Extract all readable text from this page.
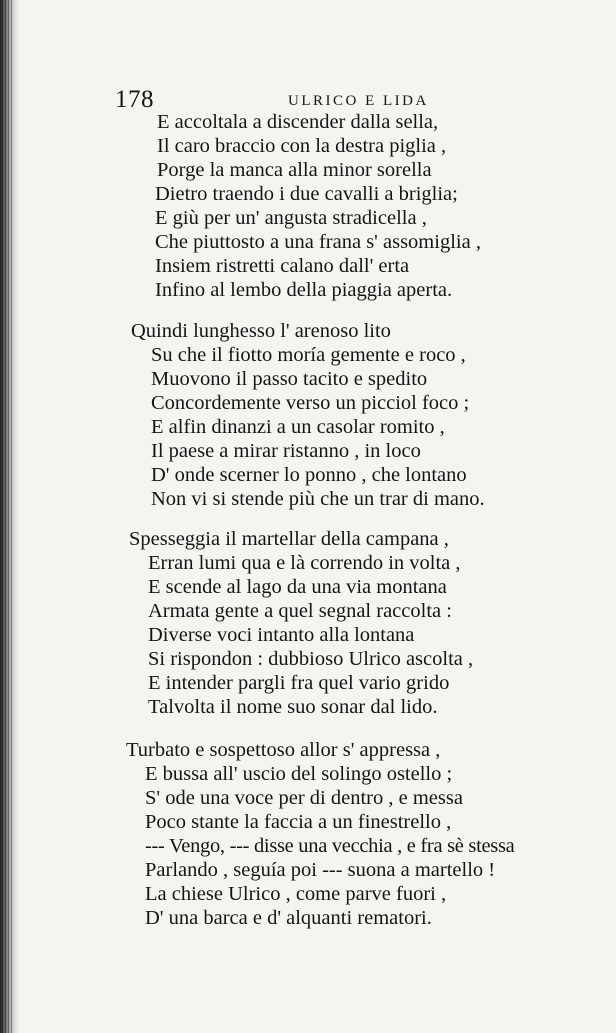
178	ULRICO E LIDA
E accoltala a discender dalla sella,
Il caro braccio con la destra piglia ,
Porge la manca alla minor sorella
Dietro traendo i due cavalli a briglia;
E giù per un' angusta stradicella ,
Che piuttosto a una frana s' assomiglia ,
Insiem ristretti calano dall' erta
Infino al lembo della piaggia aperta.
Quindi lunghesso l' arenoso lito
Su che il fiotto moría gemente e roco ,
Muovono il passo tacito e spedito
Concordemente verso un picciol foco ;
E alfin dinanzi a un casolar romito ,
Il paese a mirar ristanno , in loco
D' onde scerner lo ponno , che lontano
Non vi si stende più che un trar di mano.
Spesseggia il martellar della campana ,
Erran lumi qua e là correndo in volta ,
E scende al lago da una via montana
Armata gente a quel segnal raccolta :
Diverse voci intanto alla lontana
Si rispondon : dubbioso Ulrico ascolta ,
E intender pargli fra quel vario grido
Talvolta il nome suo sonar dal lido.
Turbato e sospettoso allor s' appressa ,
E bussa all' uscio del solingo ostello ;
S' ode una voce per di dentro , e messa
Poco stante la faccia a un finestrello ,
--- Vengo, --- disse una vecchia , e fra sè stessa
Parlando , seguía poi --- suona a martello !
La chiese Ulrico , come parve fuori ,
D' una barca e d' alquanti rematori.
